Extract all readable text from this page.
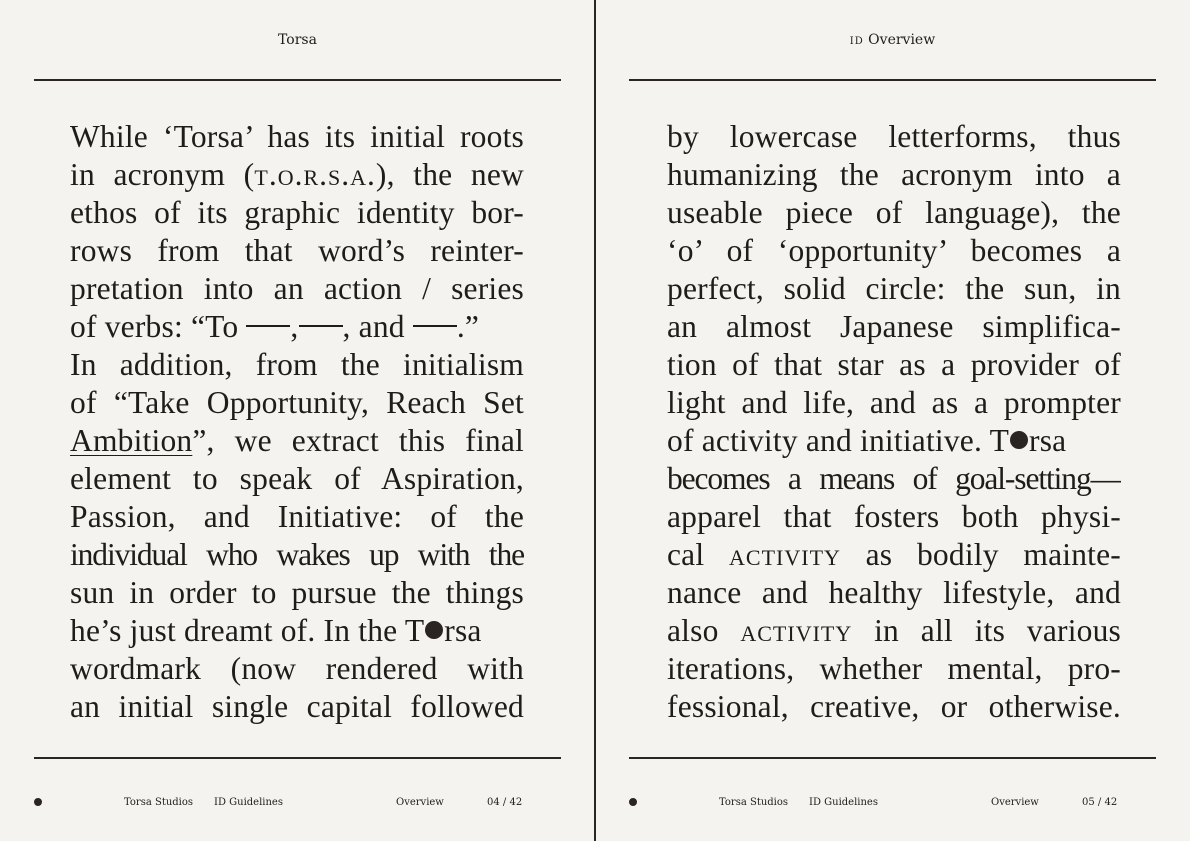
Torsa
While ‘Torsa’ has its initial roots
in acronym (t.o.r.s.a.), the new
ethos of its graphic identity bor-
rows from that word’s reinter-
pretation into an action / series
of verbs: “To , , and .”
In addition, from the initialism
of “Take Opportunity, Reach Set
Ambition”, we extract this final
element to speak of Aspiration,
Passion, and Initiative: of the
individual who wakes up with the
sun in order to pursue the things
he’s just dreamt of. In the T rsa
wordmark (now rendered with
an initial single capital followed
Torsa Studios ID Guidelines	Overview	04 / 42
id Overview
by lowercase letterforms, thus
humanizing the acronym into a
useable piece of language), the
‘o’ of ‘opportunity’ becomes a
perfect, solid circle: the sun, in
an almost Japanese simplifica-
tion of that star as a provider of
light and life, and as a prompter
of activity and initiative. T rsa
becomes a means of goal-setting—
apparel that fosters both physi-
cal activity as bodily mainte-
nance and healthy lifestyle, and
also activity in all its various
iterations, whether mental, pro-
fessional, creative, or otherwise.
Torsa Studios ID Guidelines	Overview	05 / 42
